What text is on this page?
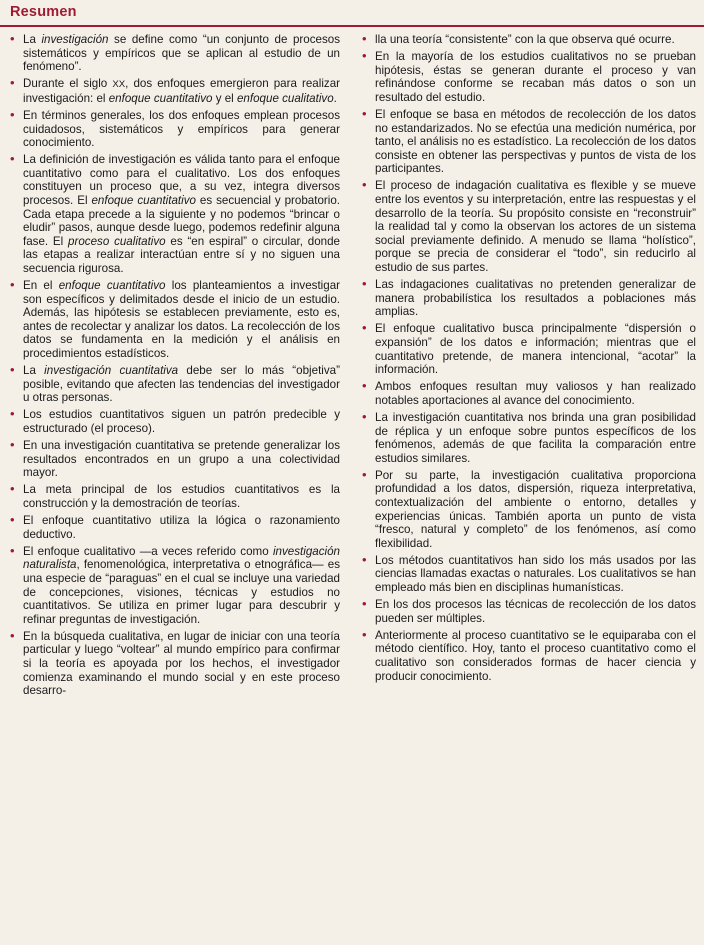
Resumen
• La investigación se define como “un conjunto de procesos sistemáticos y empíricos que se aplican al estudio de un fenómeno”.
• Durante el siglo XX, dos enfoques emergieron para realizar investigación: el enfoque cuantitativo y el enfoque cualitativo.
• En términos generales, los dos enfoques emplean procesos cuidadosos, sistemáticos y empíricos para generar conocimiento.
• La definición de investigación es válida tanto para el enfoque cuantitativo como para el cualitativo. Los dos enfoques constituyen un proceso que, a su vez, integra diversos procesos. El enfoque cuantitativo es secuencial y probatorio. Cada etapa precede a la siguiente y no podemos “brincar o eludir” pasos, aunque desde luego, podemos redefinir alguna fase. El proceso cualitativo es “en espiral” o circular, donde las etapas a realizar interactúan entre sí y no siguen una secuencia rigurosa.
• En el enfoque cuantitativo los planteamientos a investigar son específicos y delimitados desde el inicio de un estudio. Además, las hipótesis se establecen previamente, esto es, antes de recolectar y analizar los datos. La recolección de los datos se fundamenta en la medición y el análisis en procedimientos estadísticos.
• La investigación cuantitativa debe ser lo más “objetiva” posible, evitando que afecten las tendencias del investigador u otras personas.
• Los estudios cuantitativos siguen un patrón predecible y estructurado (el proceso).
• En una investigación cuantitativa se pretende generalizar los resultados encontrados en un grupo a una colectividad mayor.
• La meta principal de los estudios cuantitativos es la construcción y la demostración de teorías.
• El enfoque cuantitativo utiliza la lógica o razonamiento deductivo.
• El enfoque cualitativo —a veces referido como investigación naturalista, fenomenológica, interpretativa o etnográfica— es una especie de “paraguas” en el cual se incluye una variedad de concepciones, visiones, técnicas y estudios no cuantitativos. Se utiliza en primer lugar para descubrir y refinar preguntas de investigación.
• En la búsqueda cualitativa, en lugar de iniciar con una teoría particular y luego “voltear” al mundo empírico para confirmar si la teoría es apoyada por los hechos, el investigador comienza examinando el mundo social y en este proceso desarro-
• lla una teoría “consistente” con la que observa qué ocurre.
• En la mayoría de los estudios cualitativos no se prueban hipótesis, éstas se generan durante el proceso y van refinándose conforme se recaban más datos o son un resultado del estudio.
• El enfoque se basa en métodos de recolección de los datos no estandarizados. No se efectúa una medición numérica, por tanto, el análisis no es estadístico. La recolección de los datos consiste en obtener las perspectivas y puntos de vista de los participantes.
• El proceso de indagación cualitativa es flexible y se mueve entre los eventos y su interpretación, entre las respuestas y el desarrollo de la teoría. Su propósito consiste en “reconstruir” la realidad tal y como la observan los actores de un sistema social previamente definido. A menudo se llama “holístico”, porque se precia de considerar el “todo”, sin reducirlo al estudio de sus partes.
• Las indagaciones cualitativas no pretenden generalizar de manera probabilística los resultados a poblaciones más amplias.
• El enfoque cualitativo busca principalmente “dispersión o expansión” de los datos e información; mientras que el cuantitativo pretende, de manera intencional, “acotar” la información.
• Ambos enfoques resultan muy valiosos y han realizado notables aportaciones al avance del conocimiento.
• La investigación cuantitativa nos brinda una gran posibilidad de réplica y un enfoque sobre puntos específicos de los fenómenos, además de que facilita la comparación entre estudios similares.
• Por su parte, la investigación cualitativa proporciona profundidad a los datos, dispersión, riqueza interpretativa, contextualización del ambiente o entorno, detalles y experiencias únicas. También aporta un punto de vista “fresco, natural y completo” de los fenómenos, así como flexibilidad.
• Los métodos cuantitativos han sido los más usados por las ciencias llamadas exactas o naturales. Los cualitativos se han empleado más bien en disciplinas humanísticas.
• En los dos procesos las técnicas de recolección de los datos pueden ser múltiples.
• Anteriormente al proceso cuantitativo se le equiparaba con el método científico. Hoy, tanto el proceso cuantitativo como el cualitativo son considerados formas de hacer ciencia y producir conocimiento.
